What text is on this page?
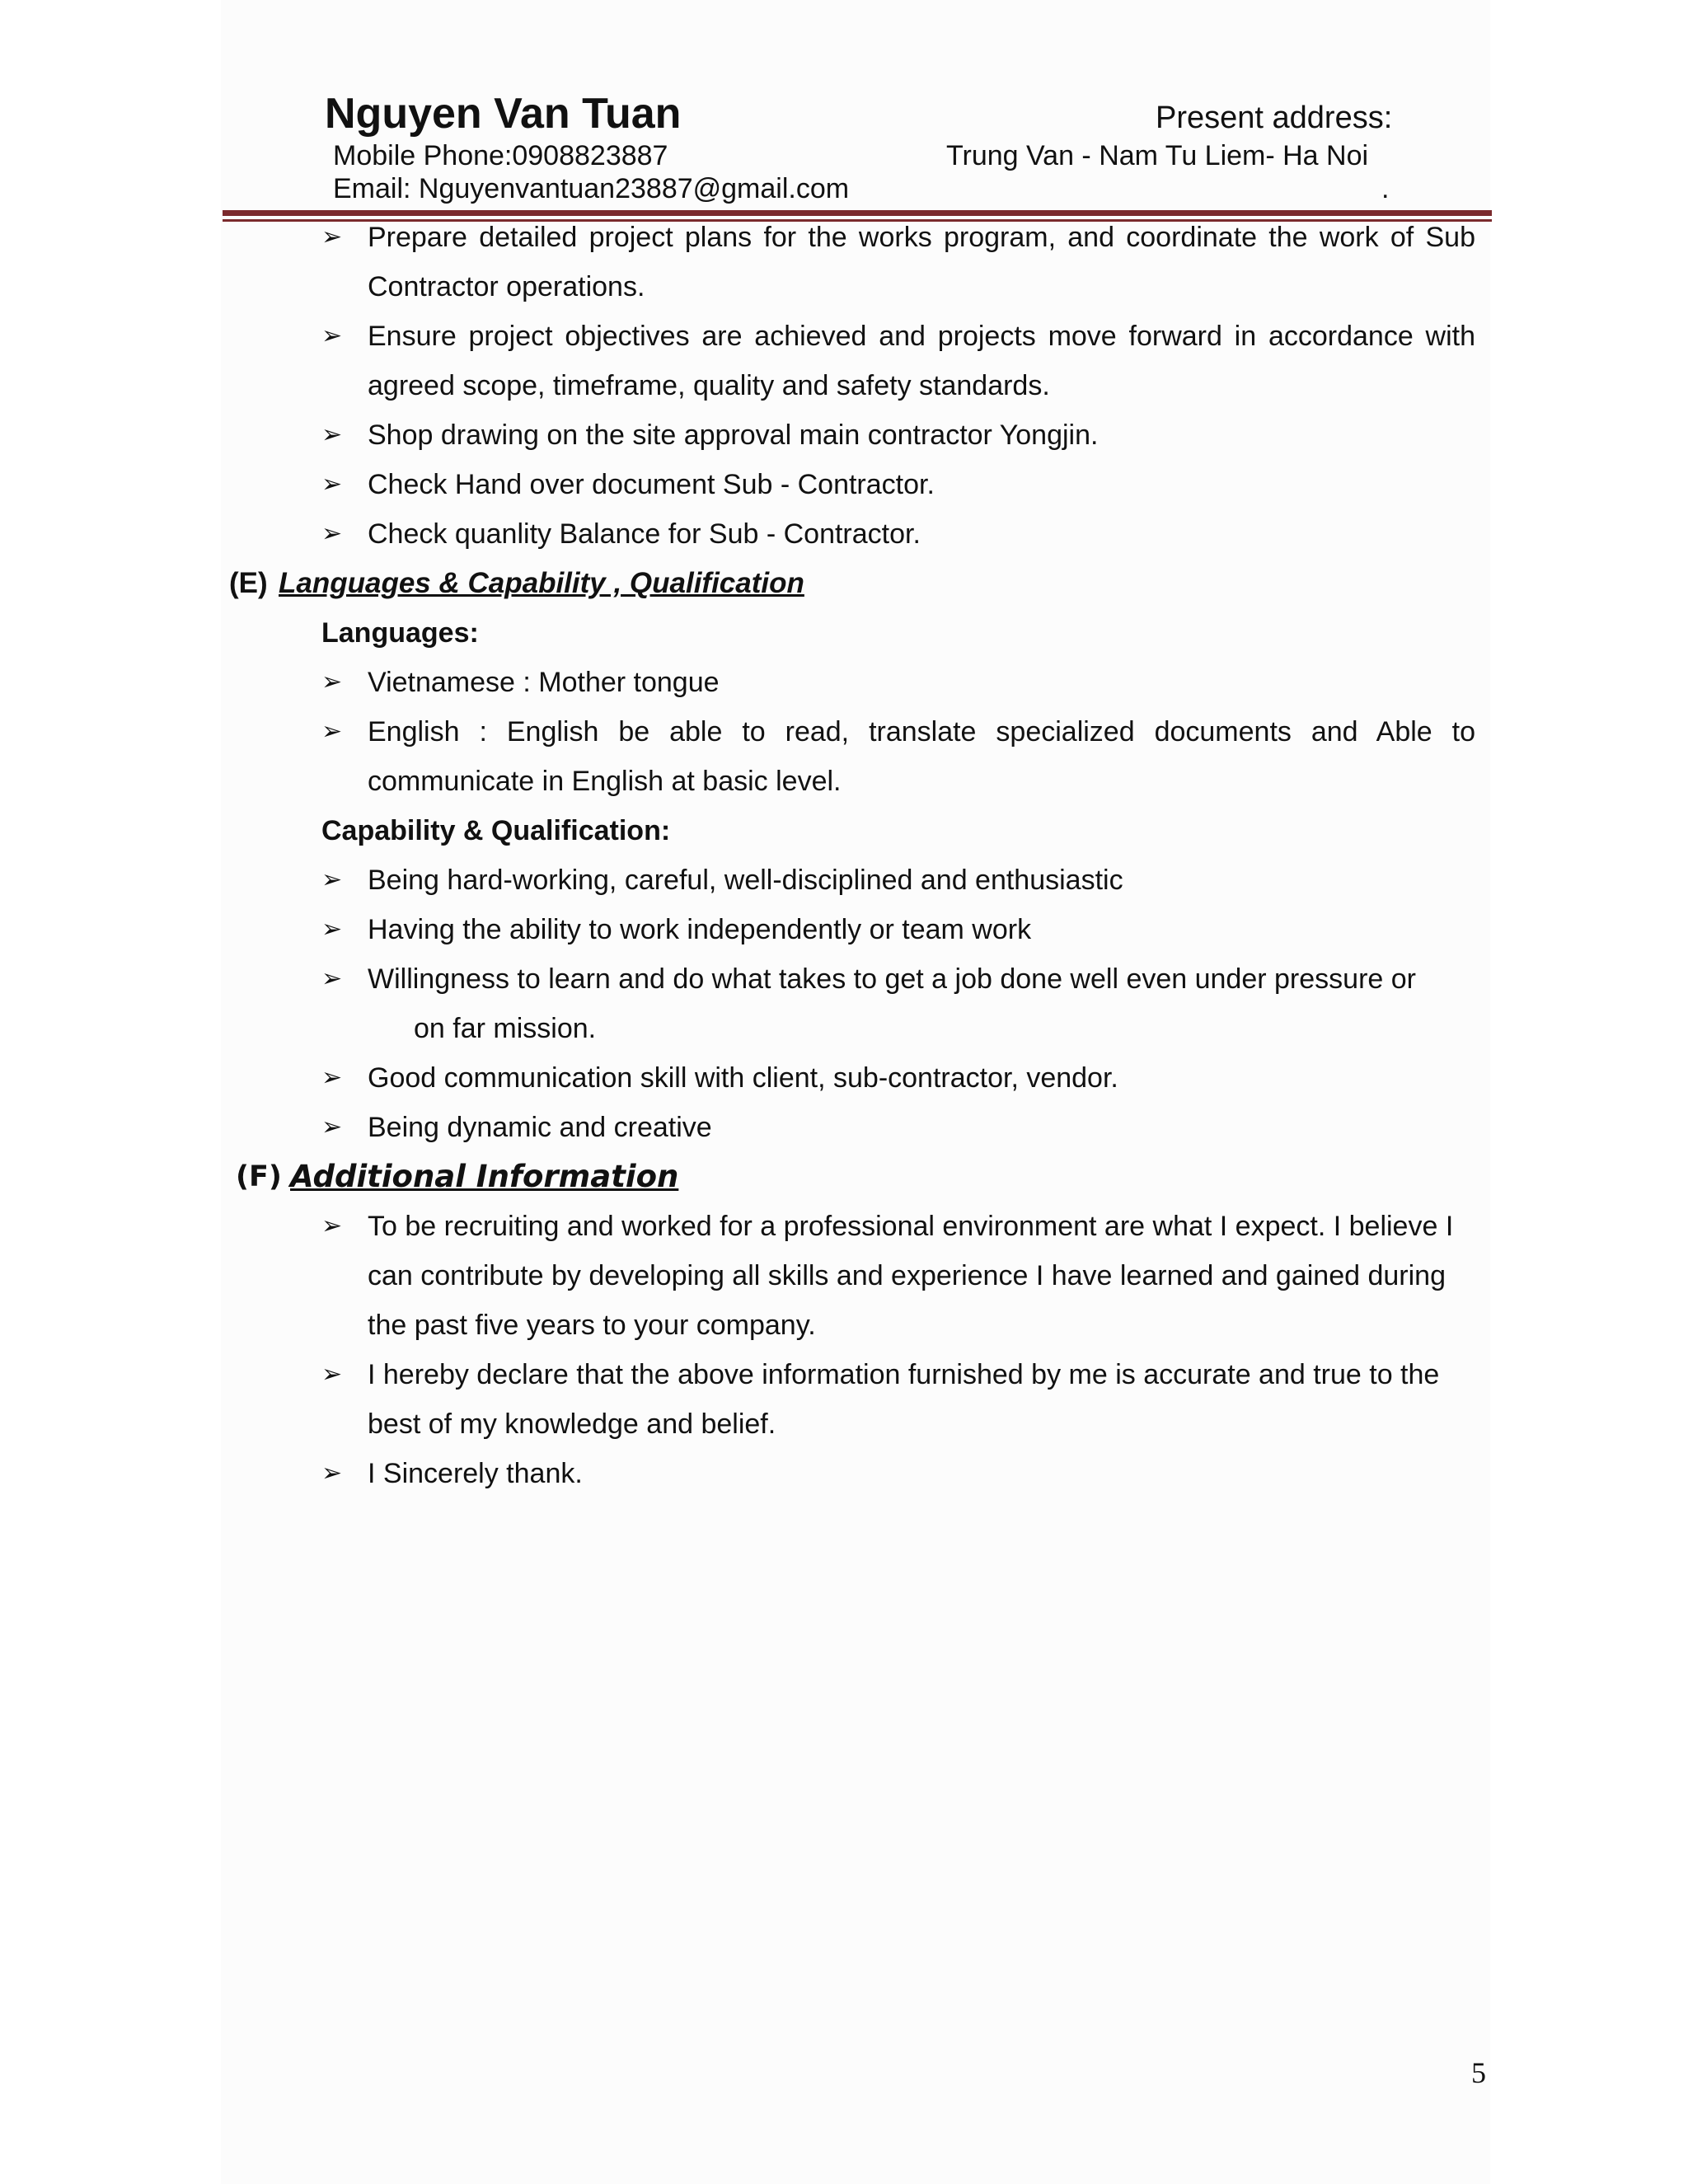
Nguyen Van Tuan
Mobile Phone:0908823887
Email: Nguyenvantuan23887@gmail.com
Present address:
Trung Van - Nam Tu Liem- Ha Noi
.
➢ Prepare detailed project plans for the works program, and coordinate the work of Sub Contractor operations.
➢ Ensure project objectives are achieved and projects move forward in accordance with agreed scope, timeframe, quality and safety standards.
➢ Shop drawing on the site approval main contractor Yongjin.
➢ Check Hand over document Sub - Contractor.
➢ Check quanlity Balance for Sub - Contractor.
(E) Languages & Capability , Qualification
Languages:
➢ Vietnamese : Mother tongue
➢ English : English be able to read, translate specialized documents and Able to communicate in English at basic level.
Capability & Qualification:
➢ Being hard-working, careful, well-disciplined and enthusiastic
➢ Having the ability to work independently or team work
➢ Willingness to learn and do what takes to get a job done well even under pressure or
on far mission.
➢ Good communication skill with client, sub-contractor, vendor.
➢ Being dynamic and creative
(F) Additional Information
➢ To be recruiting and worked for a professional environment are what I expect. I believe I can contribute by developing all skills and experience I have learned and gained during the past five years to your company.
➢ I hereby declare that the above information furnished by me is accurate and true to the best of my knowledge and belief.
➢ I Sincerely thank.
5
